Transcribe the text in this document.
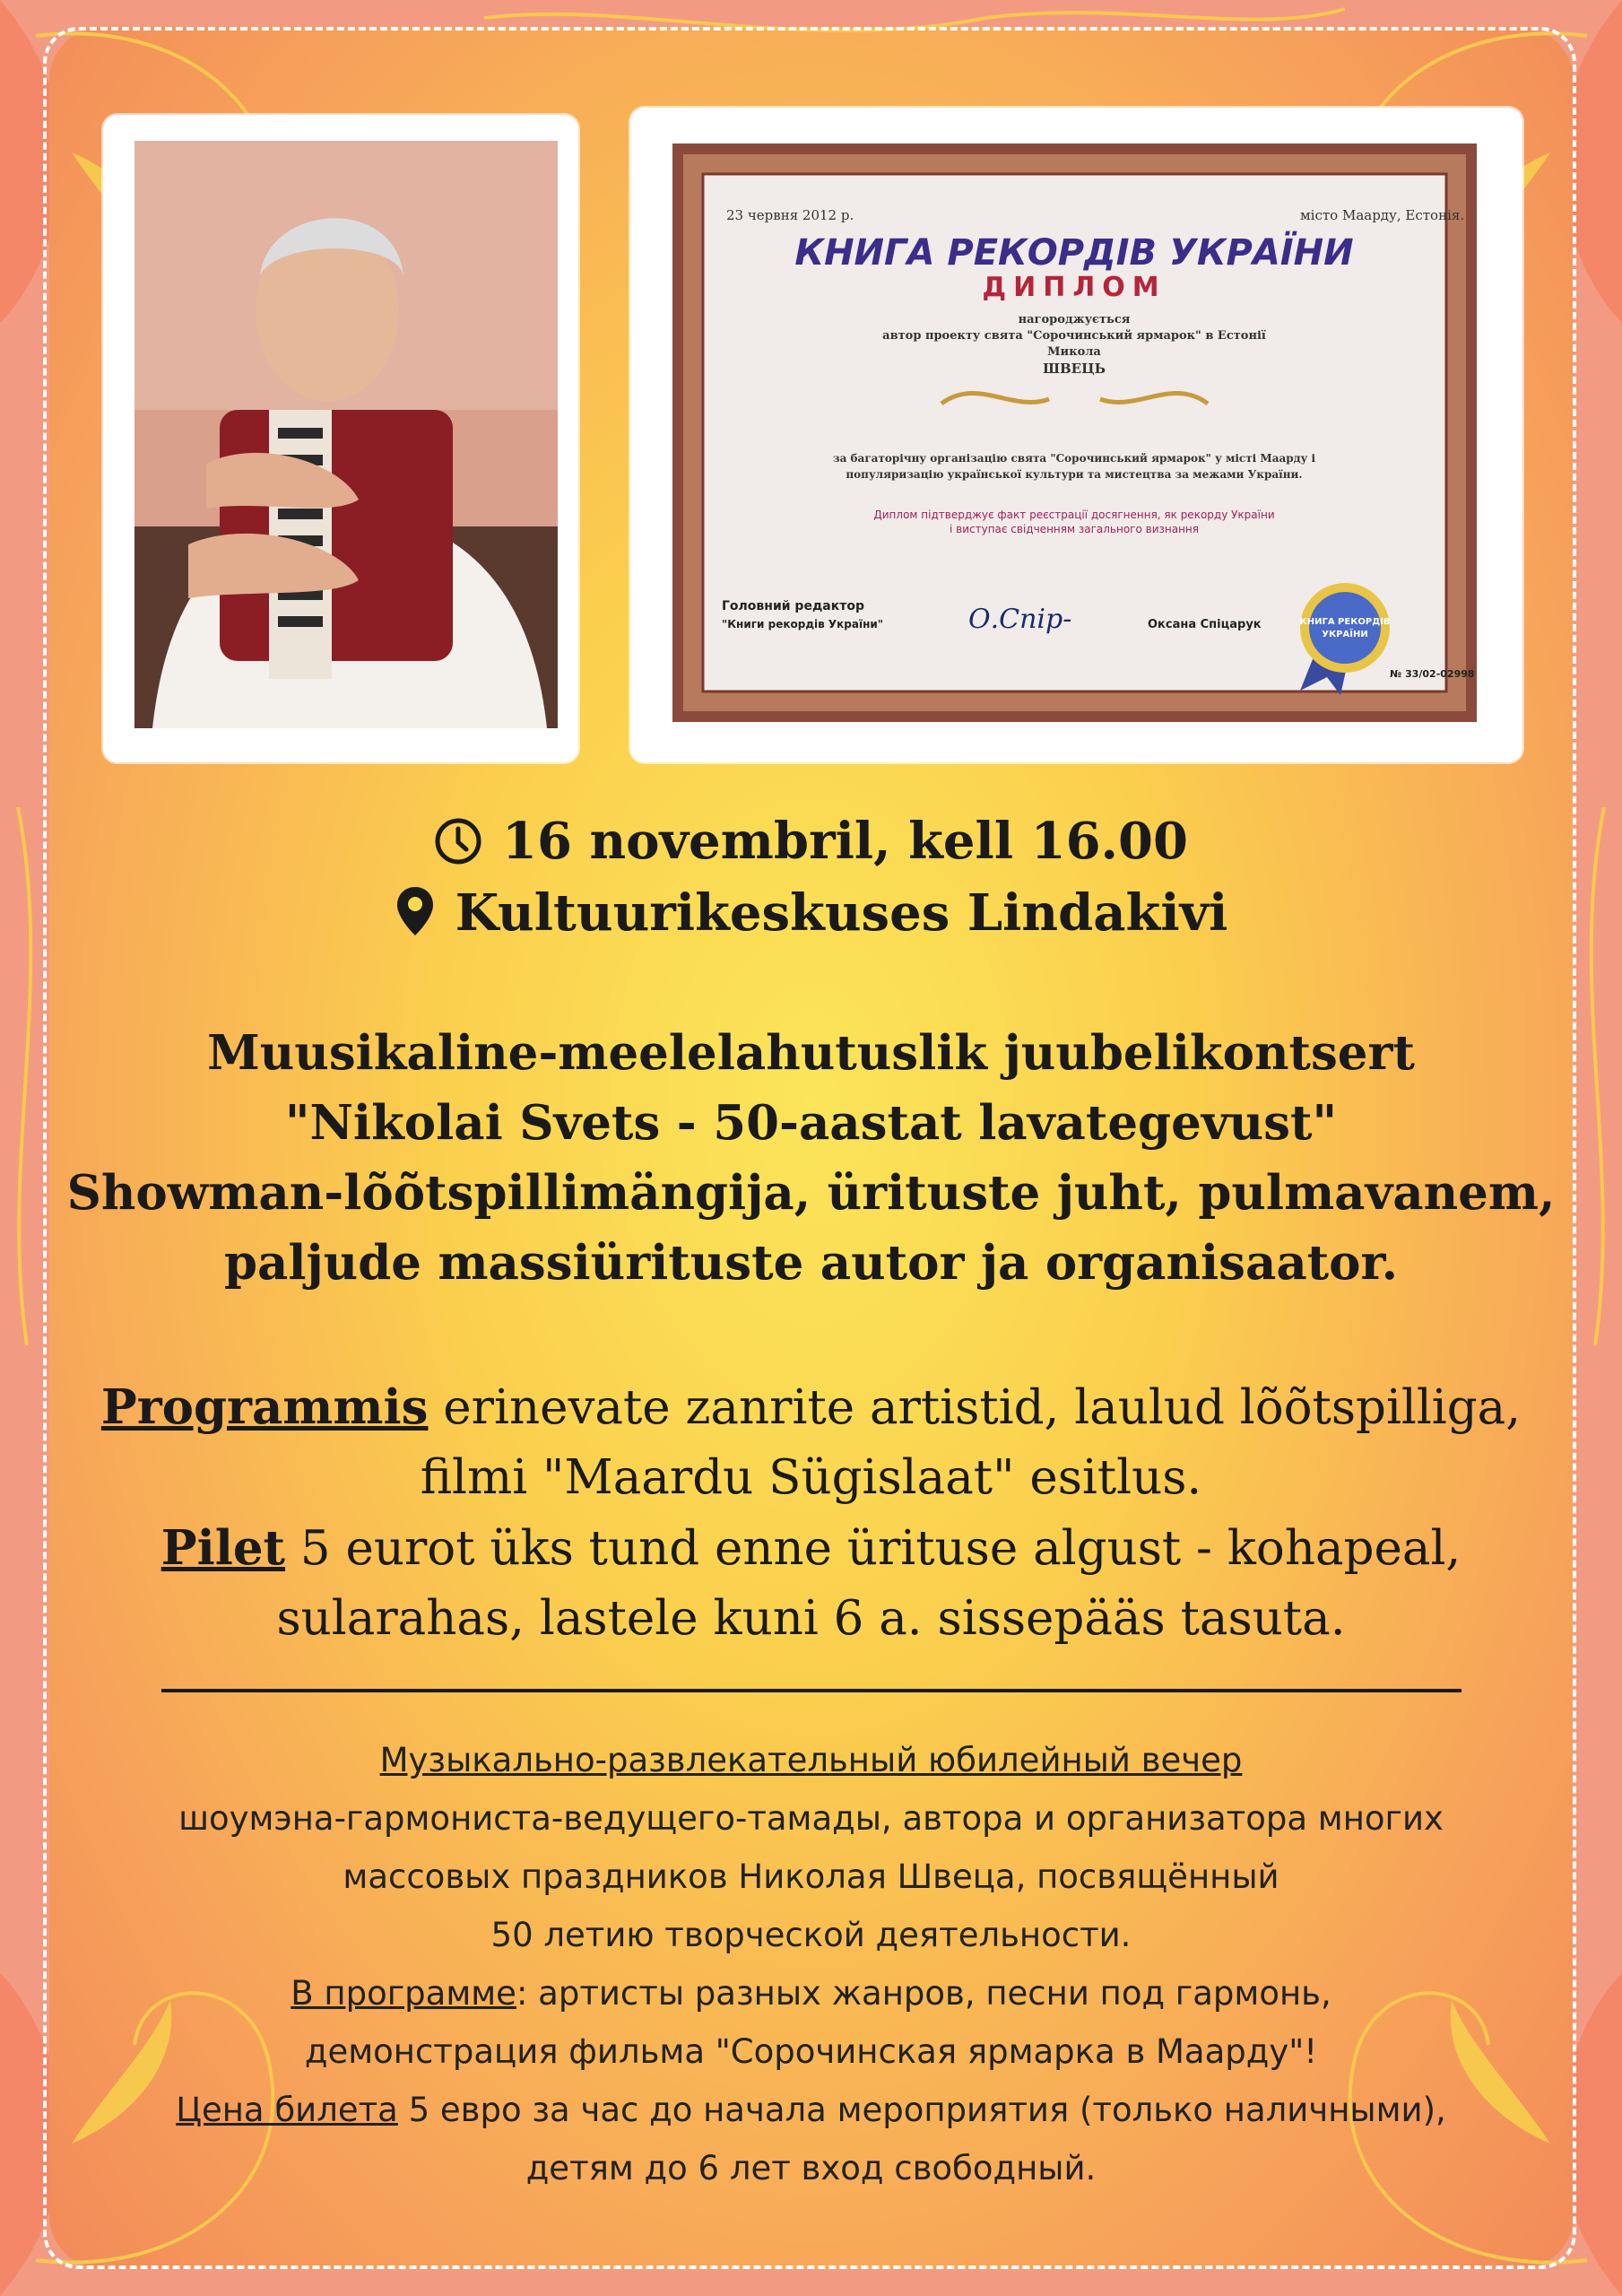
23 червня 2012 р.	місто Маарду, Естонія.
КНИГА РЕКОРДІВ УКРАЇНИ
ДИПЛОМ
нагороджується
автор проекту свята "Сорочинський ярмарок" в Естонії
Микола
ШВЕЦЬ
за багаторічну організацію свята "Сорочинський ярмарок" у місті Маарду і
популяризацію української культури та мистецтва за межами України.
Диплом підтверджує факт реєстрації досягнення, як рекорду України
і виступає свідченням загального визнання
Головний редактор
"Книги рекордів України"	О.Спір-	Оксана Спіцарук	КНИГА РЕКОРДІВ
УКРАЇНИ
№ 33/02-02998
16 novembril, kell 16.00
Kultuurikeskuses Lindakivi
Muusikaline-meelelahutuslik juubelikontsert
"Nikolai Svets - 50-aastat lavategevust"
Showman-lõõtspillimängija, ürituste juht, pulmavanem,
paljude massiürituste autor ja organisaator.
Programmis erinevate zanrite artistid, laulud lõõtspilliga,
filmi "Maardu Sügislaat" esitlus.
Pilet 5 eurot üks tund enne ürituse algust - kohapeal,
sularahas, lastele kuni 6 a. sissepääs tasuta.
Музыкально-развлекательный юбилейный вечер
шоумэна-гармониста-ведущего-тамады, автора и организатора многих
массовых праздников Николая Швеца, посвящённый
50 летию творческой деятельности.
В программе: артисты разных жанров, песни под гармонь,
демонстрация фильма "Сорочинская ярмарка в Маарду"!
Цена билета 5 евро за час до начала мероприятия (только наличными),
детям до 6 лет вход свободный.
